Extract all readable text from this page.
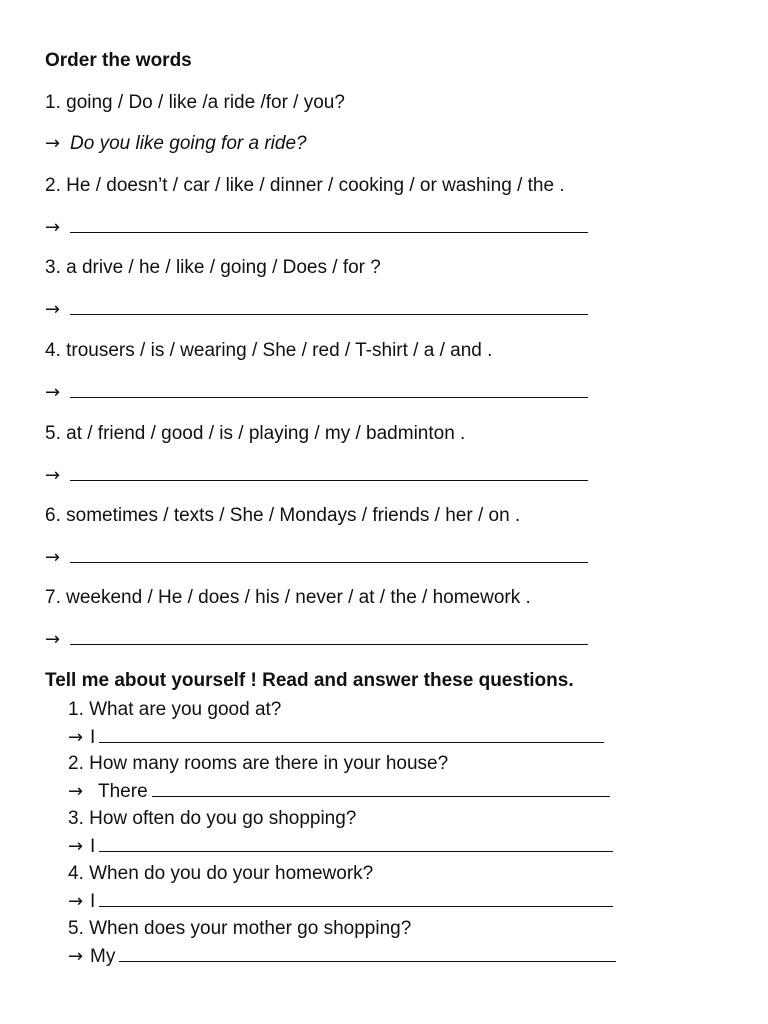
Order the words
1. going / Do / like /a ride /for / you?
→ Do you like going for a ride?
2. He / doesn’t / car / like / dinner / cooking / or washing / the .
→
3. a drive / he / like / going / Does / for ?
→
4. trousers / is / wearing / She / red / T-shirt / a / and .
→
5. at / friend / good / is / playing / my / badminton .
→
6. sometimes / texts / She / Mondays / friends / her / on .
→
7. weekend / He / does / his / never / at / the / homework .
→
Tell me about yourself ! Read and answer these questions.
1. What are you good at?
→ I
2. How many rooms are there in your house?
→ There
3. How often do you go shopping?
→ I
4. When do you do your homework?
→ I
5. When does your mother go shopping?
→ My
